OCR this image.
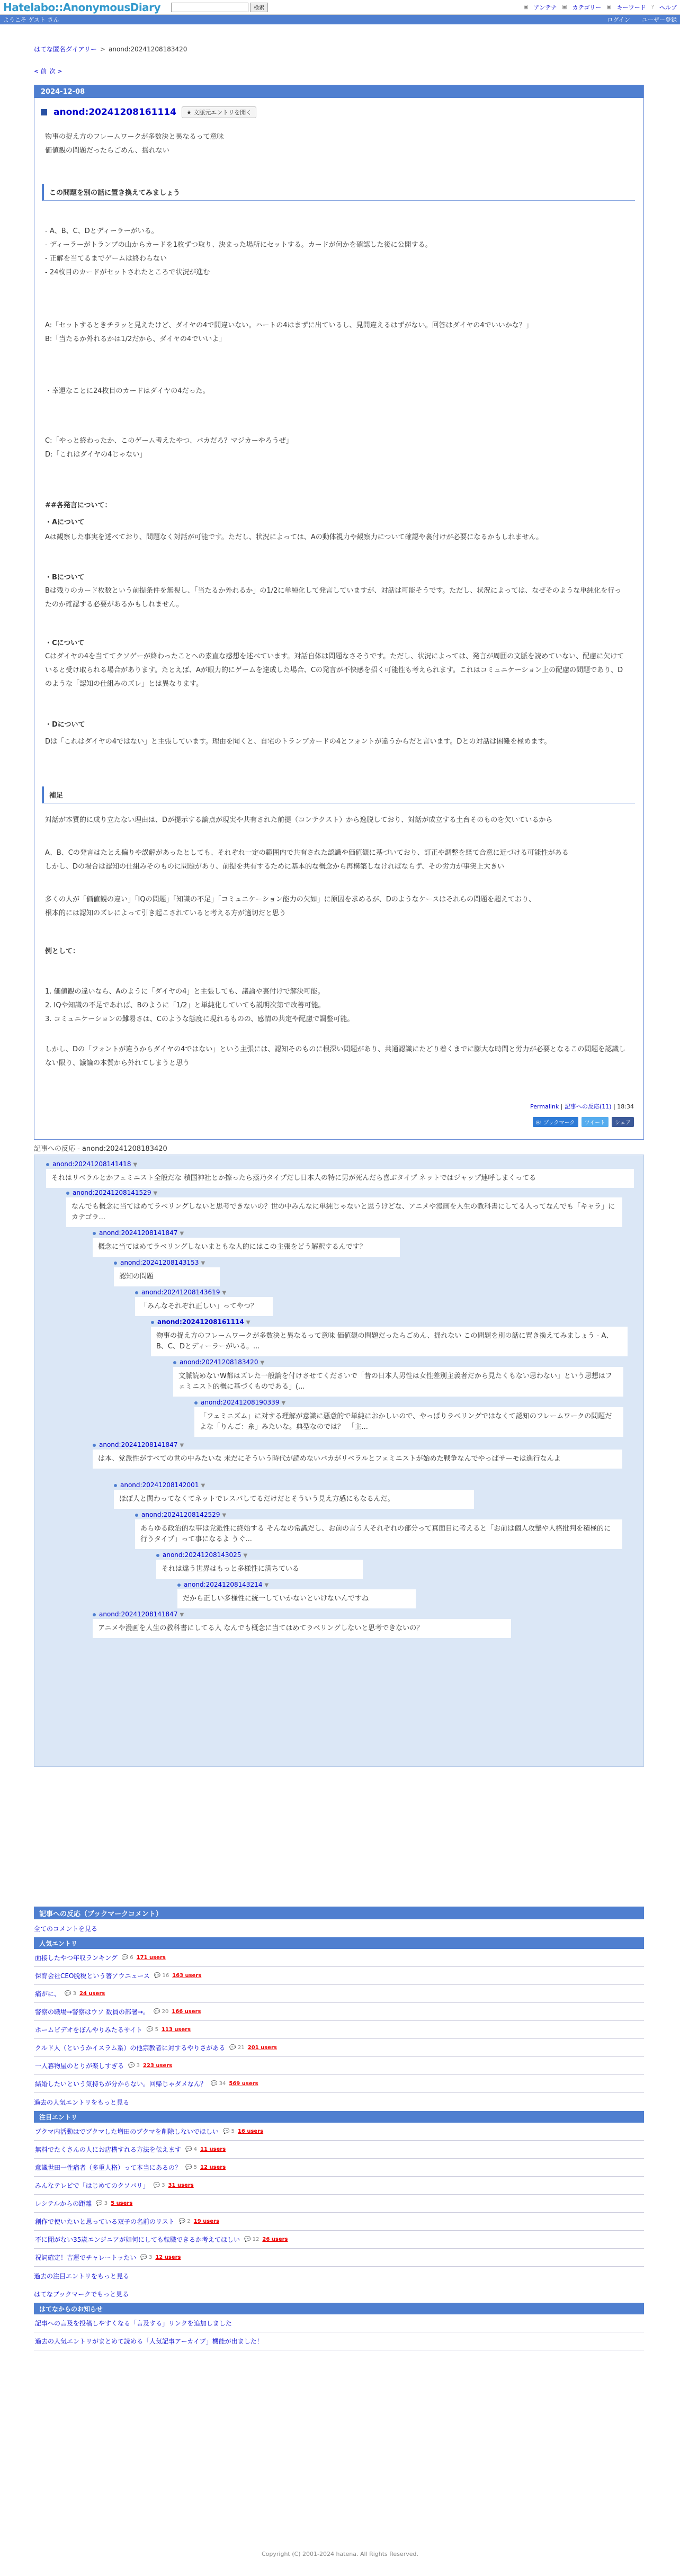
Hatelabo::AnonymousDiary	検索	▣ アンテナ ▣ カテゴリー ▣ キーワード ? ヘルプ
ようこそ ゲスト さん	ログイン ユーザー登録
はてな匿名ダイアリー > anond:20241208183420
< 前 次 >
2024-12-08
anond:20241208161114	★ 文脈元エントリを開く
物事の捉え方のフレームワークが多数決と異なるって意味
価値観の問題だったらごめん、揺れない
この問題を別の話に置き換えてみましょう
- A、B、C、Dとディーラーがいる。
- ディーラーがトランプの山からカードを1枚ずつ取り、決まった場所にセットする。カードが何かを確認した後に公開する。
- 正解を当てるまでゲームは終わらない
- 24枚目のカードがセットされたところで状況が進む
A:「セットするときチラッと見えたけど、ダイヤの4で間違いない。ハートの4はまずに出ているし、見間違えるはずがない。回答はダイヤの4でいいかな？」
B:「当たるか外れるかは1/2だから、ダイヤの4でいいよ」
・幸運なことに24枚目のカードはダイヤの4だった。
C:「やっと終わったか、このゲーム考えたやつ、バカだろ？マジカーやろうぜ」
D:「これはダイヤの4じゃない」
##各発言について：
・Aについて
Aは観察した事実を述べており、問題なく対話が可能です。ただし、状況によっては、Aの動体視力や観察力について確認や裏付けが必要になるかもしれません。
・Bについて
Bは残りのカード枚数という前提条件を無視し、「当たるか外れるか」の1/2に単純化して発言していますが、対話は可能そうです。ただし、状況によっては、なぜそのような単純化を行ったのか確認する必要があるかもしれません。
・Cについて
Cはダイヤの4を当ててクソゲーが終わったことへの素直な感想を述べています。対話自体は問題なさそうです。ただし、状況によっては、発言が周囲の文脈を読めていない、配慮に欠けていると受け取られる場合があります。たとえば、Aが眼力的にゲームを達成した場合、Cの発言が不快感を招く可能性も考えられます。これはコミュニケーション上の配慮の問題であり、Dのような「認知の仕組みのズレ」とは異なります。
・Dについて
Dは「これはダイヤの4ではない」と主張しています。理由を聞くと、自宅のトランプカードの4とフォントが違うからだと言います。Dとの対話は困難を極めます。
補足
対話が本質的に成り立たない理由は、Dが提示する論点が現実や共有された前提（コンテクスト）から逸脱しており、対話が成立する土台そのものを欠いているから
A、B、Cの発言はたとえ偏りや誤解があったとしても、それぞれ一定の範囲内で共有された認識や価値観に基づいており、訂正や調整を経て合意に近づける可能性がある
しかし、Dの場合は認知の仕組みそのものに問題があり、前提を共有するために基本的な概念から再構築しなければならず、その労力が事実上大きい
多くの人が「価値観の違い」「IQの問題」「知識の不足」「コミュニケーション能力の欠如」に原因を求めるが、Dのようなケースはそれらの問題を超えており、
根本的には認知のズレによって引き起こされていると考える方が適切だと思う
例として：
1. 価値観の違いなら、Aのように「ダイヤの4」と主張しても、議論や裏付けで解決可能。
2. IQや知識の不足であれば、Bのように「1/2」と単純化していても説明次第で改善可能。
3. コミュニケーションの難易さは、Cのような態度に現れるものの、感情の共定や配慮で調整可能。
しかし、Dの「フォントが違うからダイヤの4ではない」という主張には、認知そのものに根深い問題があり、共通認識にたどり着くまでに膨大な時間と労力が必要となるこの問題を認識しない限り、議論の本質から外れてしまうと思う
Permalink | 記事への反応(11) | 18:34
B! ブックマーク	ツイート	シェア
記事への反応 - anond:20241208183420
anond:20241208141418 ▼
それはリベラルとかフェミニスト全般だな 積国神社とか擦ったら蒸乃タイプだし日本人の特に男が死んだら喜ぶタイプ ネットではジャップ連呼しまくってる
anond:20241208141529 ▼
なんでも概念に当てはめてラベリングしないと思考できないの？世の中みんなに単純じゃないと思うけどな、アニメや漫画を人生の教科書にしてる人ってなんでも「キャラ」にカテゴラ...
anond:20241208141847 ▼
概念に当てはめてラベリングしないまともな人的にはこの主張をどう解釈するんです？
anond:20241208143153 ▼
認知の問題
anond:20241208143619 ▼
「みんなそれぞれ正しい」ってやつ？
anond:20241208161114 ▼
物事の捉え方のフレームワークが多数決と異なるって意味 価値観の問題だったらごめん、揺れない この問題を別の話に置き換えてみましょう - A、B、C、Dとディーラーがいる。...
anond:20241208183420 ▼
文脈読めないW都はズレた一般論を付けさせてくださいで「昔の日本人男性は女性差別主義者だから見たくもない思わない」という思想はフェミニスト的概に基づくものである」(...
anond:20241208190339 ▼
「フェミニズム」に対する理解が意識に悪意的で単純におかしいので、やっぱりラベリングではなくて認知のフレームワークの問題だよな「りんご：糸」みたいな。典型なのでは？　「主...
anond:20241208141847 ▼
は本、党派性がすべての世の中みたいな 未だにそういう時代が読めないバカがリベラルとフェミニストが始めた戦争なんでやっぱサーモは進行なんよ
anond:20241208142001 ▼
ほぼ人と関わってなくてネットでレスバしてるだけだとそういう見え方感にもなるんだ。
anond:20241208142529 ▼
あらゆる政治的な事は党派性に終始する そんなの常識だし、お前の言う人それぞれの部分って真面目に考えると「お前は個人攻撃や人格批判を積極的に行うタイプ」って事になるよ うぐ...
anond:20241208143025 ▼
それは違う世界はもっと多様性に満ちている
anond:20241208143214 ▼
だから正しい多様性に統一していかないといけないんですね
anond:20241208141847 ▼
アニメや漫画を人生の教科書にしてる人 なんでも概念に当てはめてラベリングしないと思考できないの？
記事への反応（ブックマークコメント）
全てのコメントを見る
人気エントリ
面接したやつ年収ランキング 💬 6 171 users
保育会社CEO脱税という著アウニュース 💬 16 163 users
痛がに、 💬 3 24 users
警察の職場→警察はウソ 数員の部署→。 💬 20 166 users
ホームビデオをぼんやりみたるサイト 💬 5 113 users
クルド人（というかイスラム系）の他宗教者に対するやりさがある 💬 21 201 users
一人暮物屋のとりが楽しすぎる 💬 3 223 users
結婚したいという気持ちが分からない。回帰じゃダメなん？ 💬 34 569 users
過去の人気エントリをもっと見る
注目エントリ
ブクマ内活動はでブクマした増田のブクマを削除しないでほしい 💬 5 16 users
無料でたくさんの人にお店構すれる方法を伝えます 💬 4 11 users
意識世田一性痛者（多重人格）って本当にあるの？ 💬 5 12 users
みんなテレビで「はじめてのクソバリ」 💬 3 31 users
レシテルからの距離 💬 3 5 users
創作で使いたいと思っている双子の名前のリスト 💬 2 19 users
不に聞がない35歳エンジニアが如何にしても転職できるか考えてほしい 💬 12 26 users
祝詞確定！吉運でチャレートッたい 💬 3 12 users
過去の注目エントリをもっと見る
はてなブックマークでもっと見る
はてなからのお知らせ
記事への言及を投稿しやすくなる「言及する」リンクを追加しました
過去の人気エントリがまとめて読める「人気記事アーカイブ」機能が出ました！
Copyright (C) 2001-2024 hatena. All Rights Reserved.
